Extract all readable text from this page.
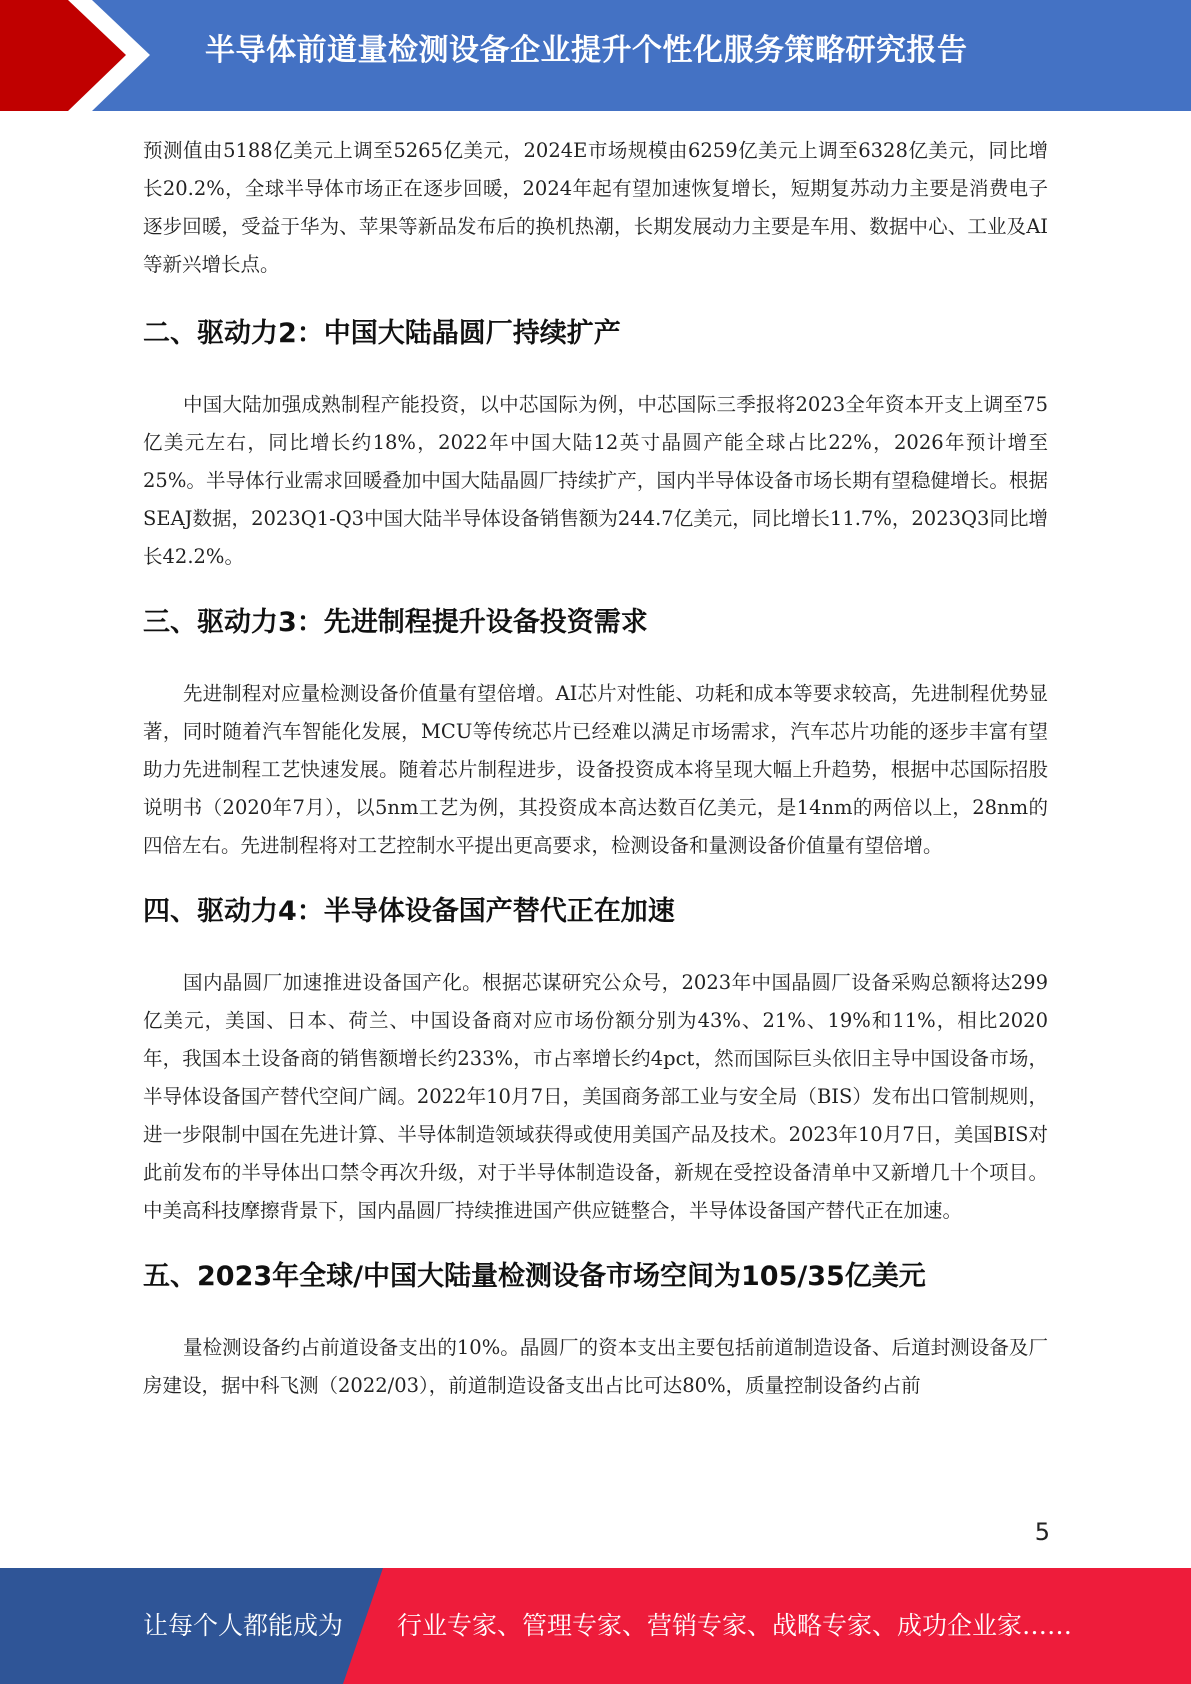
半导体前道量检测设备企业提升个性化服务策略研究报告

预测值由5188亿美元上调至5265亿美元，2024E市场规模由6259亿美元上调至6328亿美元，同比增长20.2%，全球半导体市场正在逐步回暖，2024年起有望加速恢复增长，短期复苏动力主要是消费电子逐步回暖，受益于华为、苹果等新品发布后的换机热潮，长期发展动力主要是车用、数据中心、工业及AI等新兴增长点。

二、驱动力2：中国大陆晶圆厂持续扩产

中国大陆加强成熟制程产能投资，以中芯国际为例，中芯国际三季报将2023全年资本开支上调至75亿美元左右，同比增长约18%，2022年中国大陆12英寸晶圆产能全球占比22%，2026年预计增至25%。半导体行业需求回暖叠加中国大陆晶圆厂持续扩产，国内半导体设备市场长期有望稳健增长。根据SEAJ数据，2023Q1-Q3中国大陆半导体设备销售额为244.7亿美元，同比增长11.7%，2023Q3同比增长42.2%。

三、驱动力3：先进制程提升设备投资需求

先进制程对应量检测设备价值量有望倍增。AI芯片对性能、功耗和成本等要求较高，先进制程优势显著，同时随着汽车智能化发展，MCU等传统芯片已经难以满足市场需求，汽车芯片功能的逐步丰富有望助力先进制程工艺快速发展。随着芯片制程进步，设备投资成本将呈现大幅上升趋势，根据中芯国际招股说明书（2020年7月），以5nm工艺为例，其投资成本高达数百亿美元，是14nm的两倍以上，28nm的四倍左右。先进制程将对工艺控制水平提出更高要求，检测设备和量测设备价值量有望倍增。

四、驱动力4：半导体设备国产替代正在加速

国内晶圆厂加速推进设备国产化。根据芯谋研究公众号，2023年中国晶圆厂设备采购总额将达299亿美元，美国、日本、荷兰、中国设备商对应市场份额分别为43%、21%、19%和11%，相比2020年，我国本土设备商的销售额增长约233%，市占率增长约4pct，然而国际巨头依旧主导中国设备市场，半导体设备国产替代空间广阔。2022年10月7日，美国商务部工业与安全局（BIS）发布出口管制规则，进一步限制中国在先进计算、半导体制造领域获得或使用美国产品及技术。2023年10月7日，美国BIS对此前发布的半导体出口禁令再次升级，对于半导体制造设备，新规在受控设备清单中又新增几十个项目。中美高科技摩擦背景下，国内晶圆厂持续推进国产供应链整合，半导体设备国产替代正在加速。

五、2023年全球/中国大陆量检测设备市场空间为105/35亿美元

量检测设备约占前道设备支出的10%。晶圆厂的资本支出主要包括前道制造设备、后道封测设备及厂房建设，据中科飞测（2022/03），前道制造设备支出占比可达80%，质量控制设备约占前

5
让每个人都能成为 行业专家、管理专家、营销专家、战略专家、成功企业家……
